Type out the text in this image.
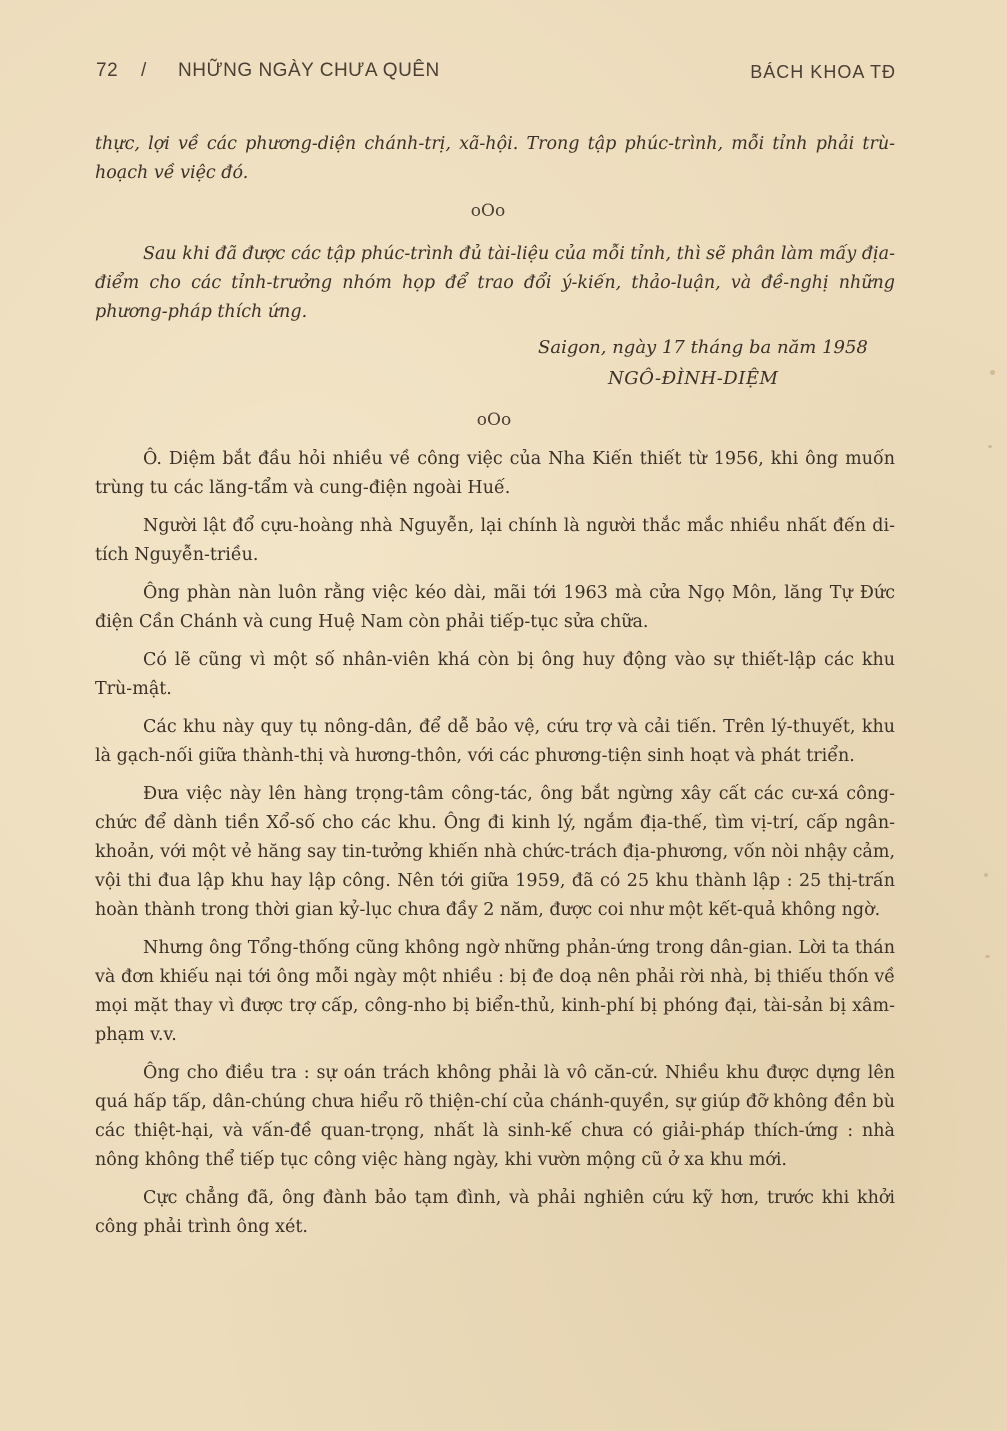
72 / NHỮNG NGÀY CHƯA QUÊN	BÁCH KHOA TĐ

thực, lợi về các phương-diện chánh-trị, xã-hội. Trong tập phúc-trình, mỗi tỉnh phải trù-hoạch về việc đó.

oOo

Sau khi đã được các tập phúc-trình đủ tài-liệu của mỗi tỉnh, thì sẽ phân làm mấy địa-điểm cho các tỉnh-trưởng nhóm họp để trao đổi ý-kiến, thảo-luận, và đề-nghị những phương-pháp thích ứng.

Saigon, ngày 17 tháng ba năm 1958
NGÔ-ĐÌNH-DIỆM
oOo

Ô. Diệm bắt đầu hỏi nhiều về công việc của Nha Kiến thiết từ 1956, khi ông muốn trùng tu các lăng-tẩm và cung-điện ngoài Huế.

Người lật đổ cựu-hoàng nhà Nguyễn, lại chính là người thắc mắc nhiều nhất đến di-tích Nguyễn-triều.

Ông phàn nàn luôn rằng việc kéo dài, mãi tới 1963 mà cửa Ngọ Môn, lăng Tự Đức điện Cần Chánh và cung Huệ Nam còn phải tiếp-tục sửa chữa.

Có lẽ cũng vì một số nhân-viên khá còn bị ông huy động vào sự thiết-lập các khu Trù-mật.

Các khu này quy tụ nông-dân, để dễ bảo vệ, cứu trợ và cải tiến. Trên lý-thuyết, khu là gạch-nối giữa thành-thị và hương-thôn, với các phương-tiện sinh hoạt và phát triển.

Đưa việc này lên hàng trọng-tâm công-tác, ông bắt ngừng xây cất các cư-xá công-chức để dành tiền Xổ-số cho các khu. Ông đi kinh lý, ngắm địa-thế, tìm vị-trí, cấp ngân-khoản, với một vẻ hăng say tin-tưởng khiến nhà chức-trách địa-phương, vốn nòi nhậy cảm, vội thi đua lập khu hay lập công. Nên tới giữa 1959, đã có 25 khu thành lập : 25 thị-trấn hoàn thành trong thời gian kỷ-lục chưa đầy 2 năm, được coi như một kết-quả không ngờ.

Nhưng ông Tổng-thống cũng không ngờ những phản-ứng trong dân-gian. Lời ta thán và đơn khiếu nại tới ông mỗi ngày một nhiều : bị đe doạ nên phải rời nhà, bị thiếu thốn về mọi mặt thay vì được trợ cấp, công-nho bị biển-thủ, kinh-phí bị phóng đại, tài-sản bị xâm-phạm v.v.

Ông cho điều tra : sự oán trách không phải là vô căn-cứ. Nhiều khu được dựng lên quá hấp tấp, dân-chúng chưa hiểu rõ thiện-chí của chánh-quyền, sự giúp đỡ không đền bù các thiệt-hại, và vấn-đề quan-trọng, nhất là sinh-kế chưa có giải-pháp thích-ứng : nhà nông không thể tiếp tục công việc hàng ngày, khi vườn mộng cũ ở xa khu mới.

Cực chẳng đã, ông đành bảo tạm đình, và phải nghiên cứu kỹ hơn, trước khi khởi công phải trình ông xét.
